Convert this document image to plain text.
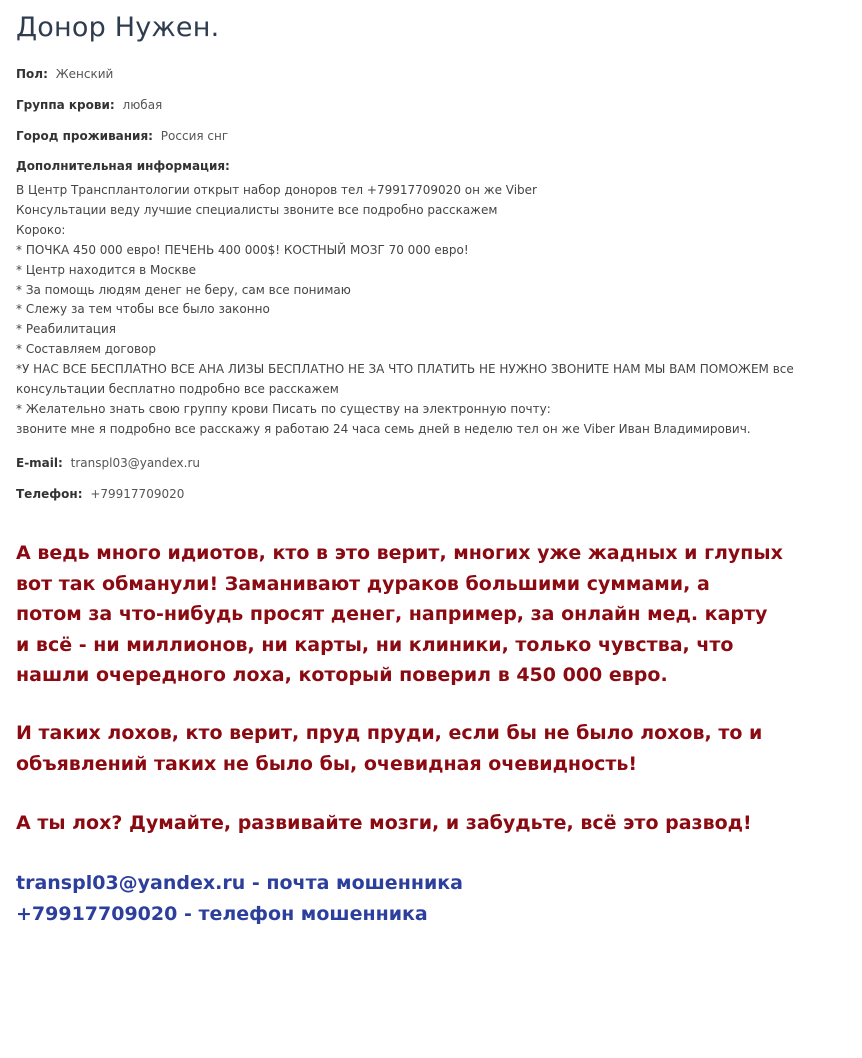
Донор Нужен.
Пол: Женский
Группа крови: любая
Город проживания: Россия снг
Дополнительная информация:
В Центр Трансплантологии открыт набор доноров тел +79917709020 он же Viber
Консультации веду лучшие специалисты звоните все подробно расскажем
Короко:
* ПОЧКА 450 000 евро! ПЕЧЕНЬ 400 000$! КОСТНЫЙ МОЗГ 70 000 евро!
* Центр находится в Москве
* За помощь людям денег не беру, сам все понимаю
* Слежу за тем чтобы все было законно
* Реабилитация
* Составляем договор
*У НАС ВСЕ БЕСПЛАТНО ВСЕ АНА ЛИЗЫ БЕСПЛАТНО НЕ ЗА ЧТО ПЛАТИТЬ НЕ НУЖНО ЗВОНИТЕ НАМ МЫ ВАМ ПОМОЖЕМ все
консультации бесплатно подробно все расскажем
* Желательно знать свою группу крови Писать по существу на электронную почту:
звоните мне я подробно все расскажу я работаю 24 часа семь дней в неделю тел он же Viber Иван Владимирович.
E-mail: transpl03@yandex.ru
Телефон: +79917709020
А ведь много идиотов, кто в это верит, многих уже жадных и глупых
вот так обманули! Заманивают дураков большими суммами, а
потом за что-нибудь просят денег, например, за онлайн мед. карту
и всё - ни миллионов, ни карты, ни клиники, только чувства, что
нашли очередного лоха, который поверил в 450 000 евро.
И таких лохов, кто верит, пруд пруди, если бы не было лохов, то и
объявлений таких не было бы, очевидная очевидность!
А ты лох? Думайте, развивайте мозги, и забудьте, всё это развод!
transpl03@yandex.ru - почта мошенника
+79917709020 - телефон мошенника
